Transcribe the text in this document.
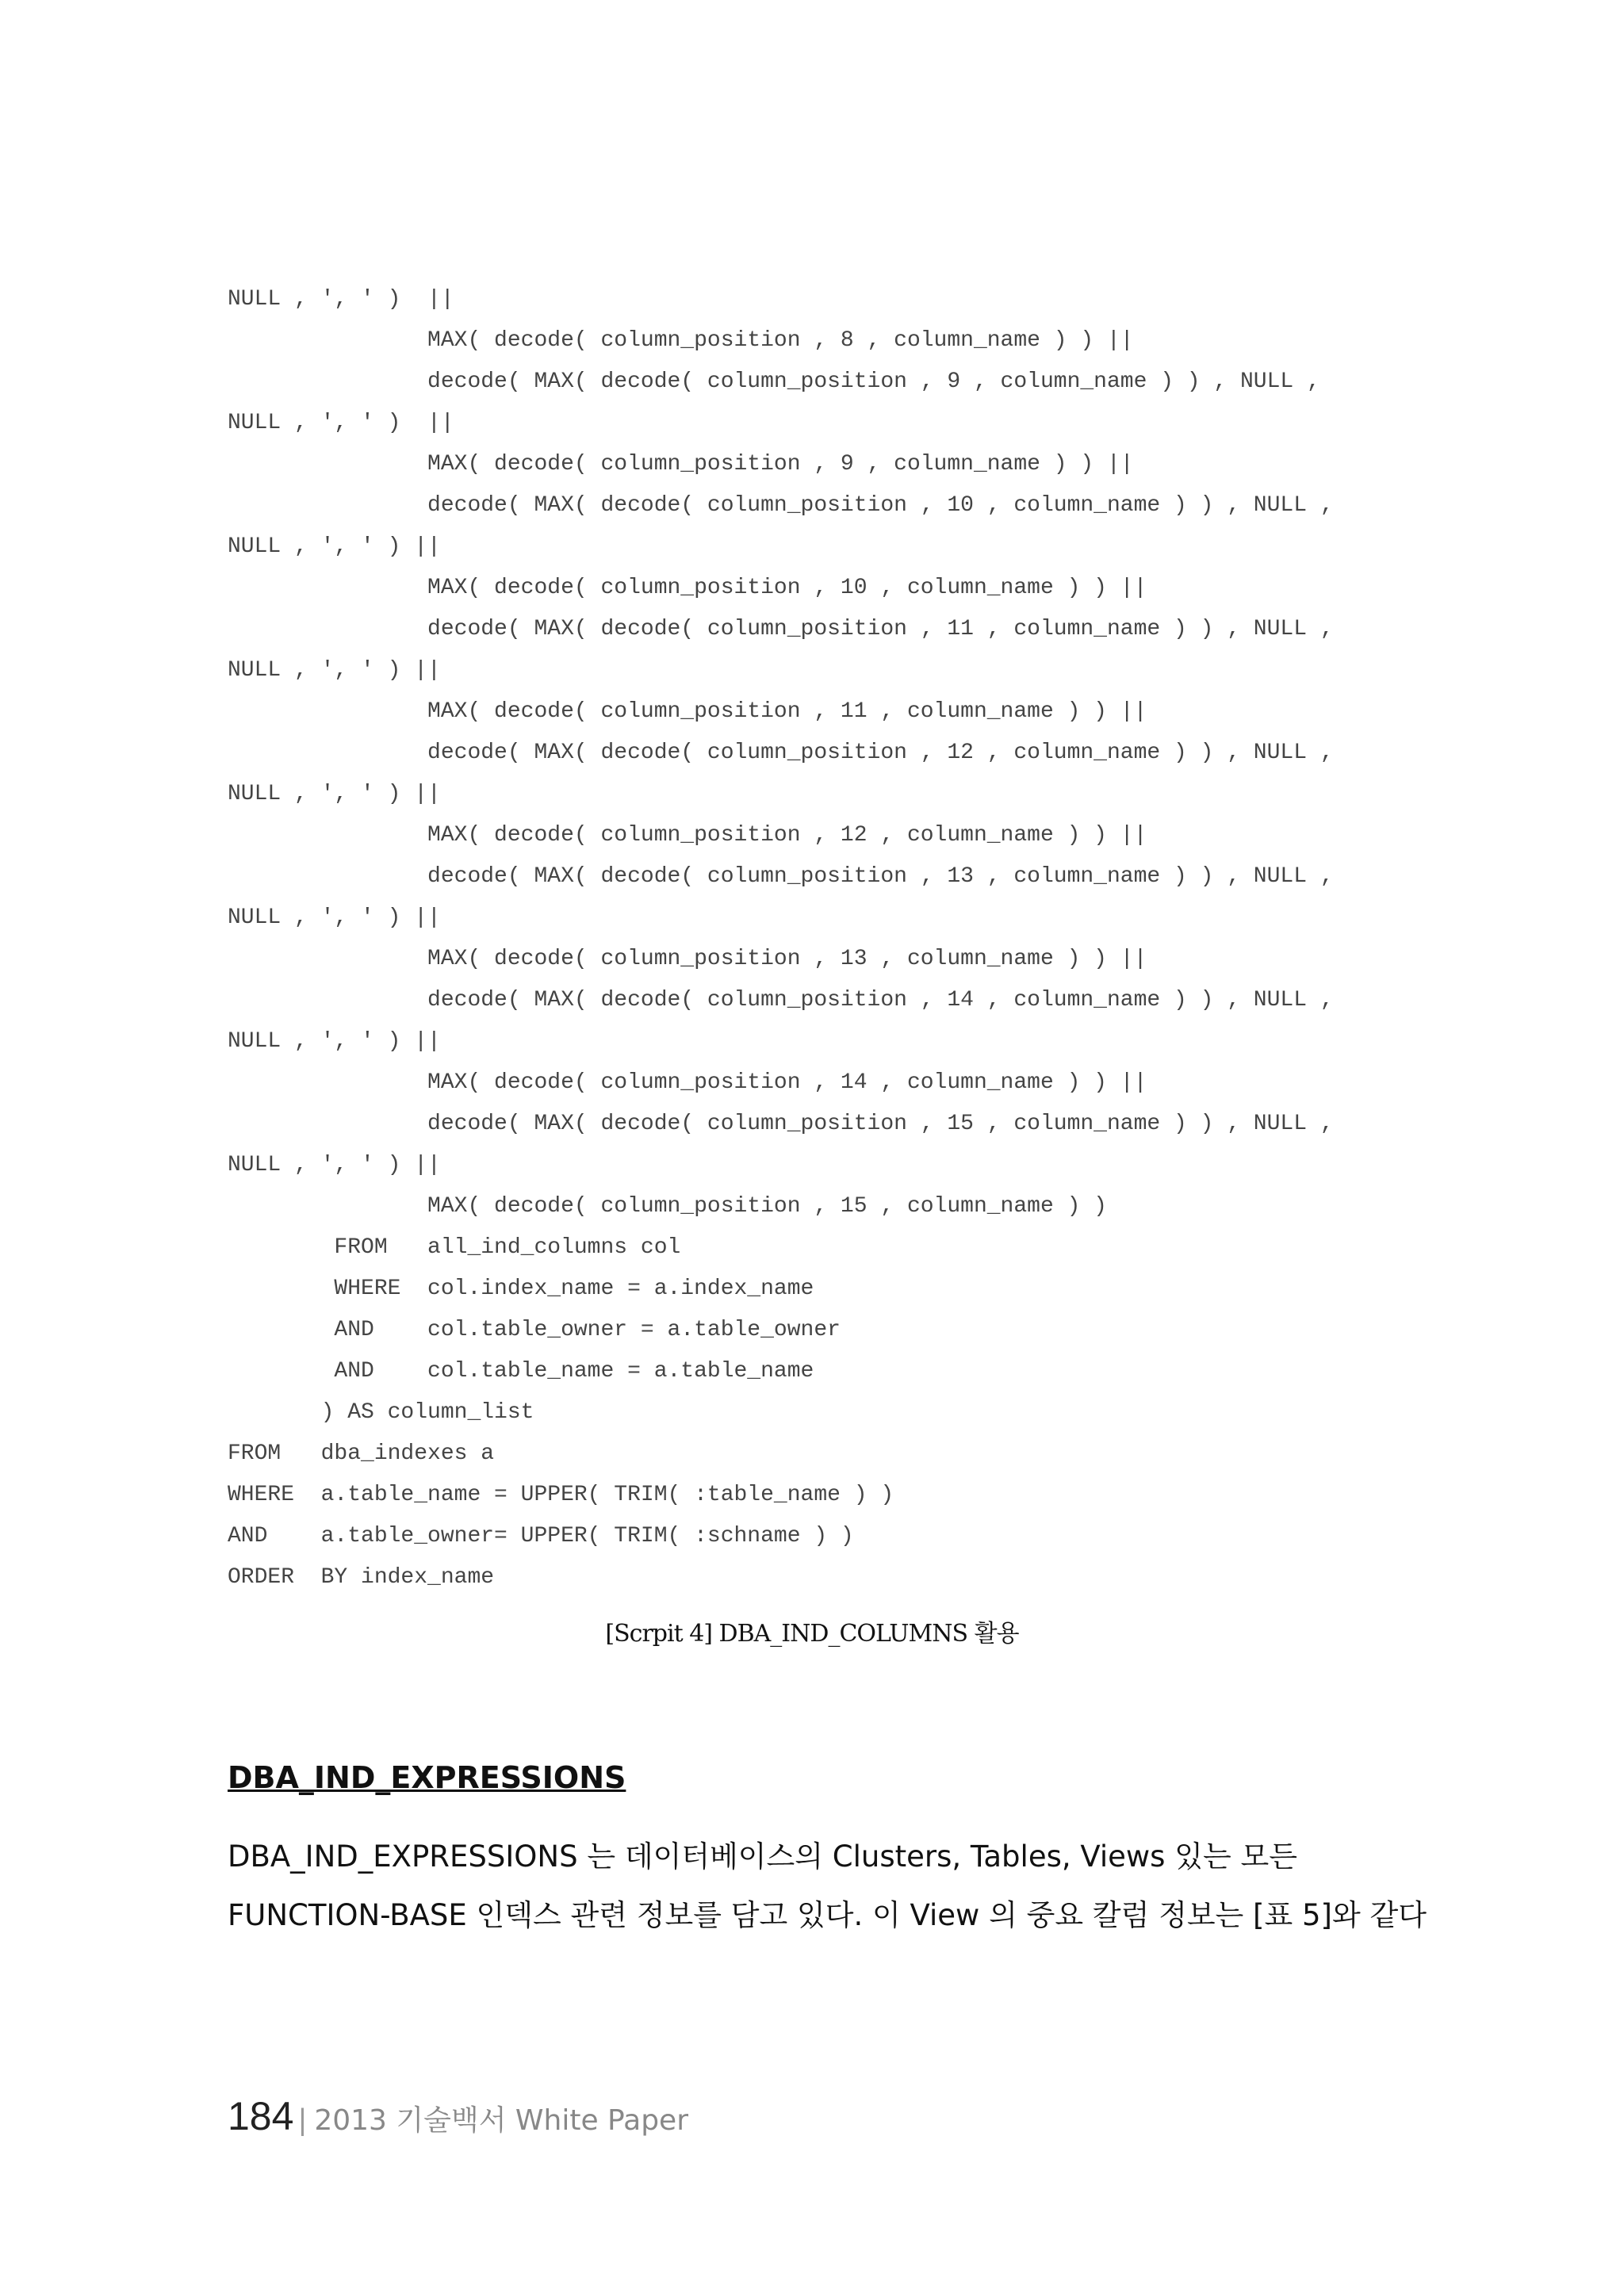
NULL , ', ' )  ||
MAX( decode( column_position , 8 , column_name ) ) ||
decode( MAX( decode( column_position , 9 , column_name ) ) , NULL ,
NULL , ', ' )  ||
MAX( decode( column_position , 9 , column_name ) ) ||
decode( MAX( decode( column_position , 10 , column_name ) ) , NULL ,
NULL , ', ' ) ||
MAX( decode( column_position , 10 , column_name ) ) ||
decode( MAX( decode( column_position , 11 , column_name ) ) , NULL ,
NULL , ', ' ) ||
MAX( decode( column_position , 11 , column_name ) ) ||
decode( MAX( decode( column_position , 12 , column_name ) ) , NULL ,
NULL , ', ' ) ||
MAX( decode( column_position , 12 , column_name ) ) ||
decode( MAX( decode( column_position , 13 , column_name ) ) , NULL ,
NULL , ', ' ) ||
MAX( decode( column_position , 13 , column_name ) ) ||
decode( MAX( decode( column_position , 14 , column_name ) ) , NULL ,
NULL , ', ' ) ||
MAX( decode( column_position , 14 , column_name ) ) ||
decode( MAX( decode( column_position , 15 , column_name ) ) , NULL ,
NULL , ', ' ) ||
MAX( decode( column_position , 15 , column_name ) )
FROM   all_ind_columns col
WHERE  col.index_name = a.index_name
AND    col.table_owner = a.table_owner
AND    col.table_name = a.table_name
) AS column_list
FROM   dba_indexes a
WHERE  a.table_name = UPPER( TRIM( :table_name ) )
AND    a.table_owner= UPPER( TRIM( :schname ) )
ORDER  BY index_name
[Scrpit 4] DBA_IND_COLUMNS 활용
DBA_IND_EXPRESSIONS
DBA_IND_EXPRESSIONS 는 데이터베이스의 Clusters, Tables, Views 있는 모든
FUNCTION-BASE 인덱스 관련 정보를 담고 있다. 이 View 의 중요 칼럼 정보는 [표 5]와 같다
184 | 2013 기술백서 White Paper
